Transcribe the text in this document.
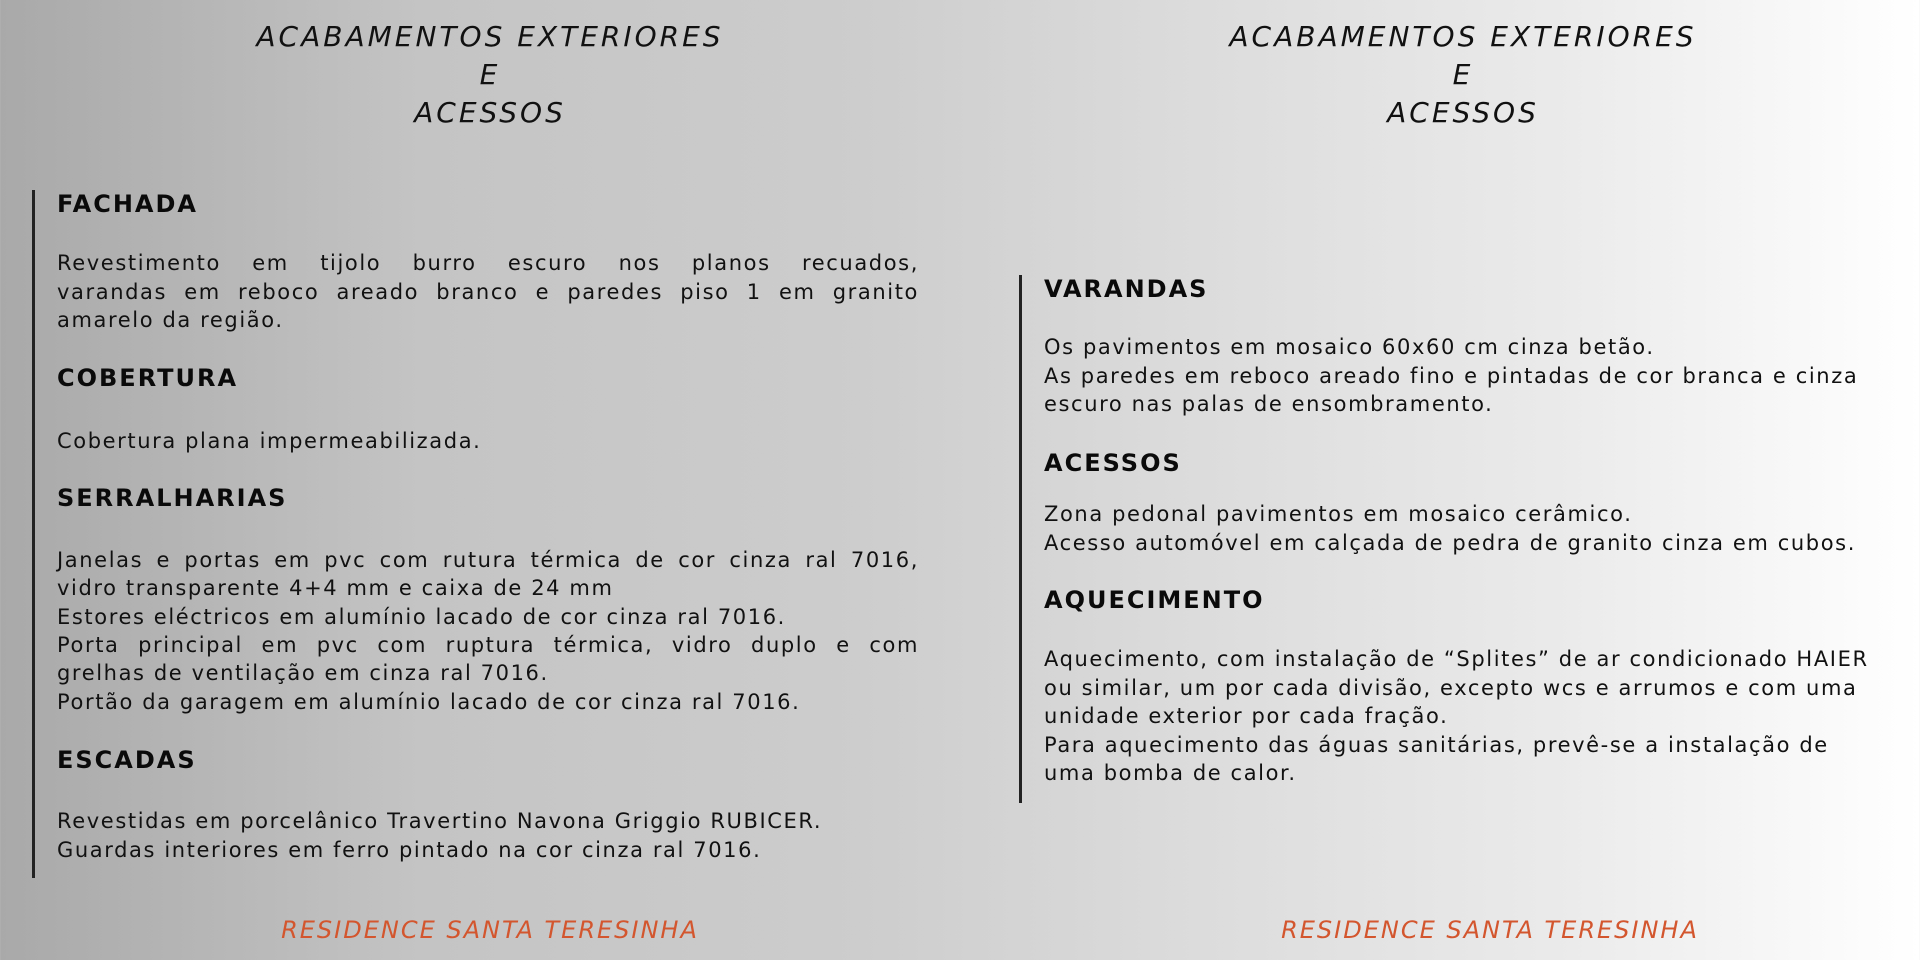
ACABAMENTOS EXTERIORES
E
ACESSOS
FACHADA
Revestimento em tijolo burro escuro nos planos recuados,
varandas em reboco areado branco e paredes piso 1 em granito
amarelo da região.
COBERTURA
Cobertura plana impermeabilizada.
SERRALHARIAS
Janelas e portas em pvc com rutura térmica de cor cinza ral 7016,
vidro transparente 4+4 mm e caixa de 24 mm
Estores eléctricos em alumínio lacado de cor cinza ral 7016.
Porta principal em pvc com ruptura térmica, vidro duplo e com
grelhas de ventilação em cinza ral 7016.
Portão da garagem em alumínio lacado de cor cinza ral 7016.
ESCADAS
Revestidas em porcelânico Travertino Navona Griggio RUBICER.
Guardas interiores em ferro pintado na cor cinza ral 7016.
RESIDENCE SANTA TERESINHA
ACABAMENTOS EXTERIORES
E
ACESSOS
VARANDAS
Os pavimentos em mosaico 60x60 cm cinza betão.
As paredes em reboco areado fino e pintadas de cor branca e cinza
escuro nas palas de ensombramento.
ACESSOS
Zona pedonal pavimentos em mosaico cerâmico.
Acesso automóvel em calçada de pedra de granito cinza em cubos.
AQUECIMENTO
Aquecimento, com instalação de “Splites” de ar condicionado HAIER
ou similar, um por cada divisão, excepto wcs e arrumos e com uma
unidade exterior por cada fração.
Para aquecimento das águas sanitárias, prevê-se a instalação de
uma bomba de calor.
RESIDENCE SANTA TERESINHA
